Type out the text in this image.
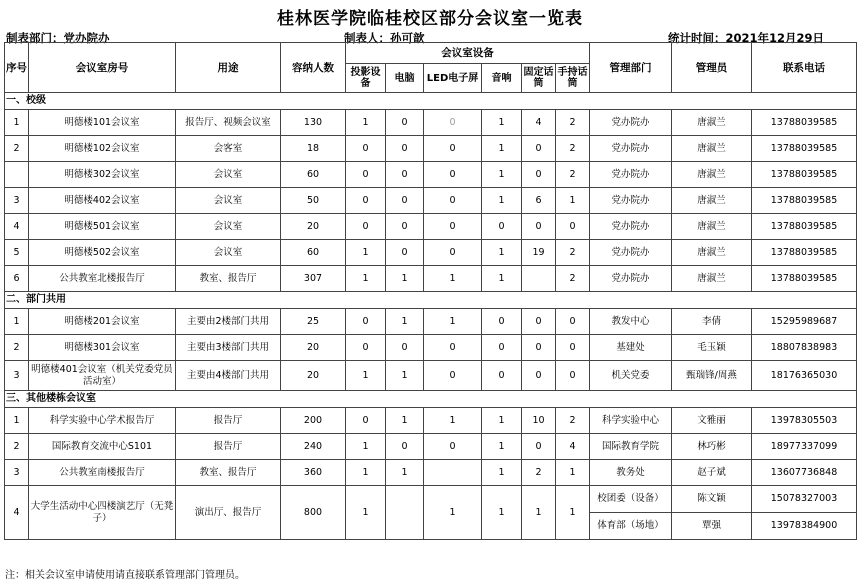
桂林医学院临桂校区部分会议室一览表
制表部门：党办院办	制表人：孙可歆	统计时间：2021年12月29日
序号	会议室房号	用途	容纳人数	会议室设备						管理部门	管理员	联系电话
				投影设备	电脑	LED电子屏	音响	固定话筒	手持话筒			
一、校级												
1	明德楼101会议室	报告厅、视频会议室	130	1	0	0	1	4	2	党办院办	唐淑兰	13788039585
2	明德楼102会议室	会客室	18	0	0	0	1	0	2	党办院办	唐淑兰	13788039585
	明德楼302会议室	会议室	60	0	0	0	1	0	2	党办院办	唐淑兰	13788039585
3	明德楼402会议室	会议室	50	0	0	0	1	6	1	党办院办	唐淑兰	13788039585
4	明德楼501会议室	会议室	20	0	0	0	0	0	0	党办院办	唐淑兰	13788039585
5	明德楼502会议室	会议室	60	1	0	0	1	19	2	党办院办	唐淑兰	13788039585
6	公共教室北楼报告厅	教室、报告厅	307	1	1	1	1		2	党办院办	唐淑兰	13788039585
二、部门共用												
1	明德楼201会议室	主要由2楼部门共用	25	0	1	1	0	0	0	教发中心	李倩	15295989687
2	明德楼301会议室	主要由3楼部门共用	20	0	0	0	0	0	0	基建处	毛玉颖	18807838983
3	明德楼401会议室（机关党委党员活动室）	主要由4楼部门共用	20	1	1	0	0	0	0	机关党委	甄瑞锋/周燕	18176365030
三、其他楼栋会议室												
1	科学实验中心学术报告厅	报告厅	200	0	1	1	1	10	2	科学实验中心	文雅丽	13978305503
2	国际教育交流中心S101	报告厅	240	1	0	0	1	0	4	国际教育学院	林巧彬	18977337099
3	公共教室南楼报告厅	教室、报告厅	360	1	1		1	2	1	教务处	赵子斌	13607736848
4	大学生活动中心四楼演艺厅（无凳子）	演出厅、报告厅	800	1		1	1	1	1	校团委（设备）	陈文颖	15078327003
										体育部（场地）	覃强	13978384900
注：相关会议室申请使用请直接联系管理部门管理员。
